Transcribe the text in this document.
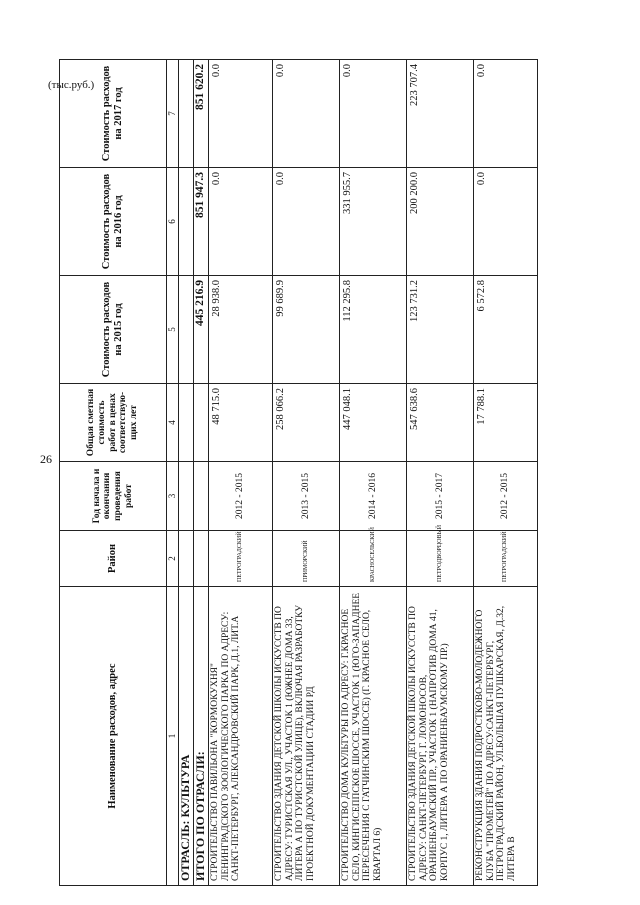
26
(тыс.руб.)
Наименование расходов, адрес	Район	Год начала и окончания проведения работ	Общая сметная стоимость работ в ценах соответствую- щих лет	Стоимость расходов на 2015 год	Стоимость расходов на 2016 год	Стоимость расходов на 2017 год
1	2	3	4	5	6	7
ОТРАСЛЬ: КУЛЬТУРА						
ИТОГО ПО ОТРАСЛИ:				445 216.9	851 947.3	851 620.2
СТРОИТЕЛЬСТВО ПАВИЛЬОНА "КОРМОКУХНЯ" ЛЕНИНГРАДСКОГО ЗООЛОГИЧЕСКОГО ПАРКА ПО АДРЕСУ: САНКТ-ПЕТЕРБУРГ, АЛЕКСАНДРОВСКИЙ ПАРК, Д.1, ЛИТ.А	ПЕТРОГРАДСКИЙ	2012 - 2015	48 715.0	28 938.0	0.0	0.0
СТРОИТЕЛЬСТВО ЗДАНИЯ ДЕТСКОЙ ШКОЛЫ ИСКУССТВ ПО АДРЕСУ: ТУРИСТСКАЯ УЛ., УЧАСТОК 1 (ЮЖНЕЕ ДОМА 33, ЛИТЕРА А ПО ТУРИСТСКОЙ УЛИЦЕ), ВКЛЮЧАЯ РАЗРАБОТКУ ПРОЕКТНОЙ ДОКУМЕНТАЦИИ СТАДИИ РД	ПРИМОРСКИЙ	2013 - 2015	258 066.2	99 689.9	0.0	0.0
СТРОИТЕЛЬСТВО ДОМА КУЛЬТУРЫ ПО АДРЕСУ: Г.КРАСНОЕ СЕЛО, КИНГИСЕППСКОЕ ШОССЕ, УЧАСТОК 1 (ЮГО-ЗАПАДНЕЕ ПЕРЕСЕЧЕНИЯ С ГАТЧИНСКИМ ШОССЕ) (Г. КРАСНОЕ СЕЛО, КВАРТАЛ 6)	КРАСНОСЕЛЬСКИЙ	2014 - 2016	447 048.1	112 295.8	331 955.7	0.0
СТРОИТЕЛЬСТВО ЗДАНИЯ ДЕТСКОЙ ШКОЛЫ ИСКУССТВ ПО АДРЕСУ: САНКТ-ПЕТЕРБУРГ, Г. ЛОМОНОСОВ, ОРАНИЕНБАУМСКИЙ ПР., УЧАСТОК 1 (НАПРОТИВ ДОМА 41, КОРПУС 1, ЛИТЕРА А ПО ОРАНИЕНБАУМСКОМУ ПР.)	ПЕТРОДВОРЦОВЫЙ	2015 - 2017	547 638.6	123 731.2	200 200.0	223 707.4
РЕКОНСТРУКЦИЯ ЗДАНИЯ ПОДРОСТКОВО-МОЛОДЕЖНОГО КЛУБА "ПРОМЕТЕЙ" ПО АДРЕСУ:САНКТ-ПЕТЕРБУРГ, ПЕТРОГРАДСКИЙ РАЙОН, УЛ.БОЛЬШАЯ ПУШКАРСКАЯ, Д.32, ЛИТЕРА В	ПЕТРОГРАДСКИЙ	2012 - 2015	17 788.1	6 572.8	0.0	0.0
